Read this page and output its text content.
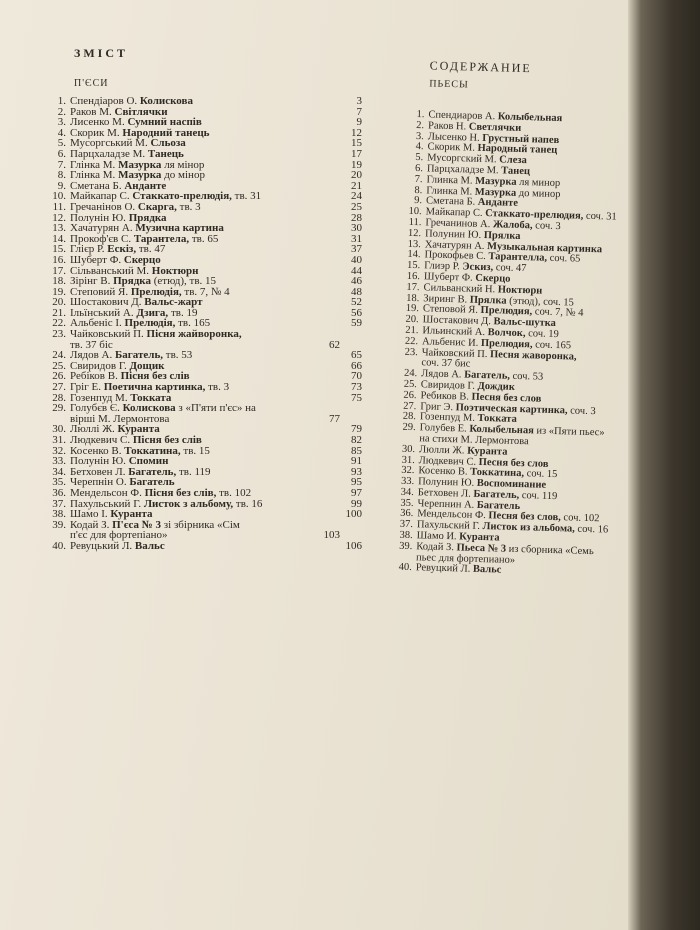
ЗМІСТ
П'ЄСИ
1. Спендіаров О. Колискова	3
2. Раков М. Світлячки	7
3. Лисенко М. Сумний наспів	9
4. Скорик М. Народний танець	12
5. Мусоргський М. Сльоза	15
6. Парцхаладзе М. Танець	17
7. Глінка М. Мазурка ля мінор	19
8. Глінка М. Мазурка до мінор	20
9. Сметана Б. Анданте	21
10. Майкапар С. Стаккато-прелюдія, тв. 31	24
11. Гречанінов О. Скарга, тв. 3	25
12. Полунін Ю. Прядка	28
13. Хачатурян А. Музична картина	30
14. Прокоф'єв С. Тарантела, тв. 65	31
15. Глієр Р. Ескіз, тв. 47	37
16. Шуберт Ф. Скерцо	40
17. Сільванський М. Ноктюрн	44
18. Зірінг В. Прядка (етюд), тв. 15	46
19. Степовий Я. Прелюдія, тв. 7, № 4	48
20. Шостакович Д. Вальс-жарт	52
21. Ільїнський А. Дзига, тв. 19	56
22. Альбеніс І. Прелюдія, тв. 165	59
23. Чайковський П. Пісня жайворонка,
тв. 37 біс	62
24. Лядов А. Багатель, тв. 53	65
25. Свиридов Г. Дощик	66
26. Ребіков В. Пісня без слів	70
27. Гріг Е. Поетична картинка, тв. 3	73
28. Гозенпуд М. Токката	75
29. Голубєв Є. Колискова з «П'яти п'єс» на
вірші М. Лермонтова	77
30. Люллі Ж. Куранта	79
31. Людкевич С. Пісня без слів	82
32. Косенко В. Токкатина, тв. 15	85
33. Полунін Ю. Спомин	91
34. Бетховен Л. Багатель, тв. 119	93
35. Черепнін О. Багатель	95
36. Мендельсон Ф. Пісня без слів, тв. 102	97
37. Пахульський Г. Листок з альбому, тв. 16	99
38. Шамо І. Куранта	100
39. Кодай З. П'єса № 3 зі збірника «Сім
п'єс для фортепіано»	103
40. Ревуцький Л. Вальс	106
СОДЕРЖАНИЕ
ПЬЕСЫ
1. Спендиаров А. Колыбельная
2. Раков Н. Светлячки
3. Лысенко Н. Грустный напев
4. Скорик М. Народный танец
5. Мусоргский М. Слеза
6. Парцхаладзе М. Танец
7. Глинка М. Мазурка ля минор
8. Глинка М. Мазурка до минор
9. Сметана Б. Анданте
10. Майкапар С. Стаккато-прелюдия, соч. 31
11. Гречанинов А. Жалоба, соч. 3
12. Полунин Ю. Прялка
13. Хачатурян А. Музыкальная картинка
14. Прокофьев С. Тарантелла, соч. 65
15. Глиэр Р. Эскиз, соч. 47
16. Шуберт Ф. Скерцо
17. Сильванский Н. Ноктюрн
18. Зиринг В. Прялка (этюд), соч. 15
19. Степовой Я. Прелюдия, соч. 7, № 4
20. Шостакович Д. Вальс-шутка
21. Ильинский А. Волчок, соч. 19
22. Альбенис И. Прелюдия, соч. 165
23. Чайковский П. Песня жаворонка,
соч. 37 бис
24. Лядов А. Багатель, соч. 53
25. Свиридов Г. Дождик
26. Ребиков В. Песня без слов
27. Григ Э. Поэтическая картинка, соч. 3
28. Гозенпуд М. Токката
29. Голубев Е. Колыбельная из «Пяти пьес»
на стихи М. Лермонтова
30. Люлли Ж. Куранта
31. Людкевич С. Песня без слов
32. Косенко В. Токкатина, соч. 15
33. Полунин Ю. Воспоминание
34. Бетховен Л. Багатель, соч. 119
35. Черепнин А. Багатель
36. Мендельсон Ф. Песня без слов, соч. 102
37. Пахульский Г. Листок из альбома, соч. 16
38. Шамо И. Куранта
39. Кодай З. Пьеса № 3 из сборника «Семь
пьес для фортепиано»
40. Ревуцкий Л. Вальс
